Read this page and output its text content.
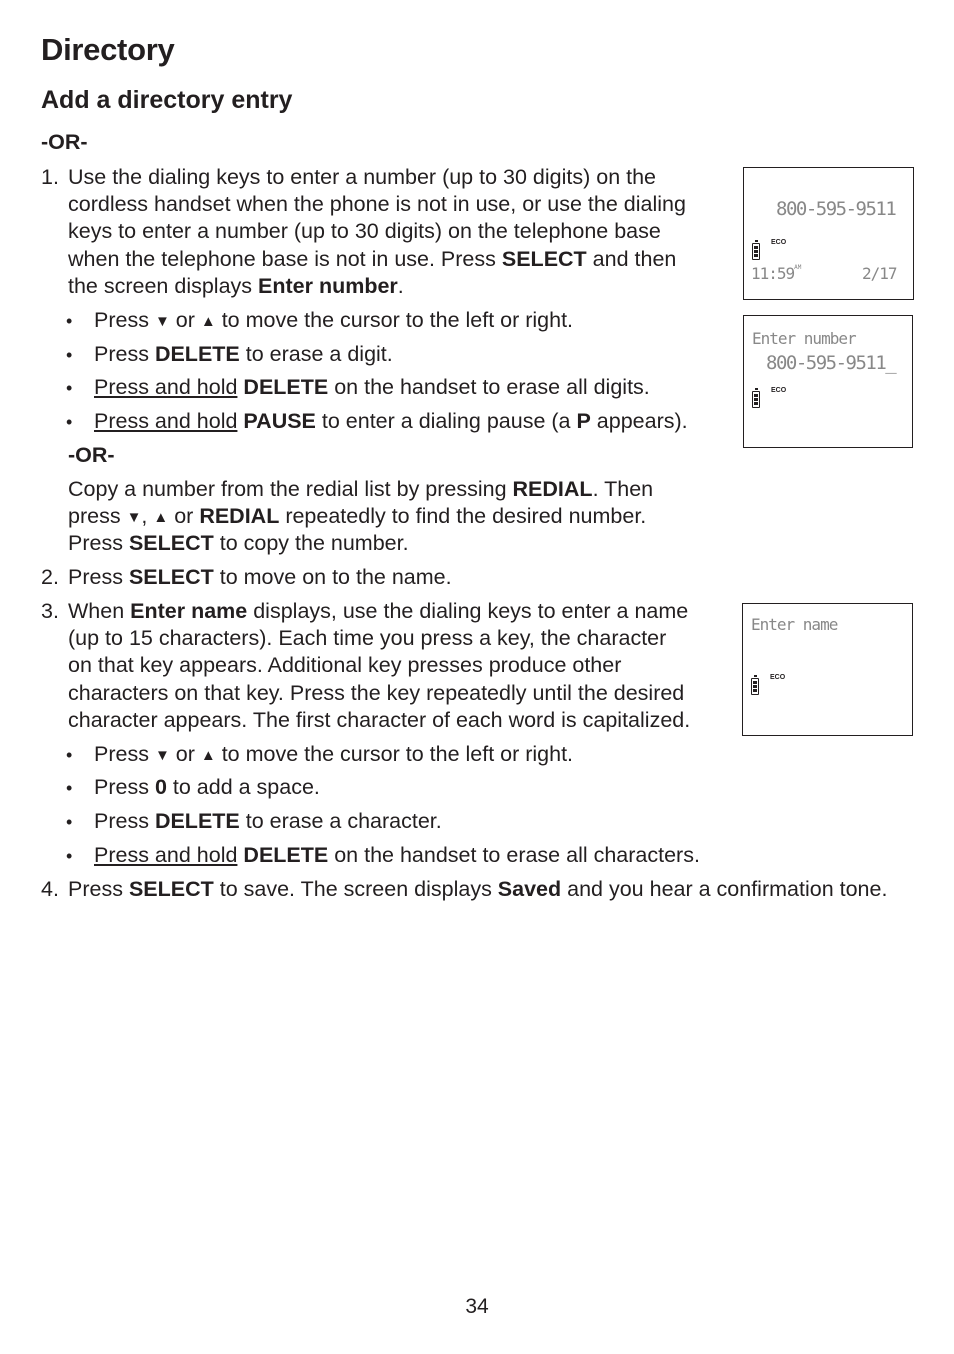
Directory
Add a directory entry
-OR-
1. Use the dialing keys to enter a number (up to 30 digits) on the
cordless handset when the phone is not in use, or use the dialing
keys to enter a number (up to 30 digits) on the telephone base
when the telephone base is not in use. Press SELECT and then
the screen displays Enter number.
• Press ▼ or ▲ to move the cursor to the left or right.
• Press DELETE to erase a digit.
• Press and hold DELETE on the handset to erase all digits.
• Press and hold PAUSE to enter a dialing pause (a P appears).
-OR-
Copy a number from the redial list by pressing REDIAL. Then
press ▼, ▲ or REDIAL repeatedly to find the desired number.
Press SELECT to copy the number.
2. Press SELECT to move on to the name.
3. When Enter name displays, use the dialing keys to enter a name
(up to 15 characters). Each time you press a key, the character
on that key appears. Additional key presses produce other
characters on that key. Press the key repeatedly until the desired
character appears. The first character of each word is capitalized.
• Press ▼ or ▲ to move the cursor to the left or right.
• Press 0 to add a space.
• Press DELETE to erase a character.
• Press and hold DELETE on the handset to erase all characters.
4. Press SELECT to save. The screen displays Saved and you hear a confirmation tone.
800-595-9511
ECO
$11:59^{AM}$	2/17
Enter number
800-595-9511_
ECO
Enter name
ECO
34
